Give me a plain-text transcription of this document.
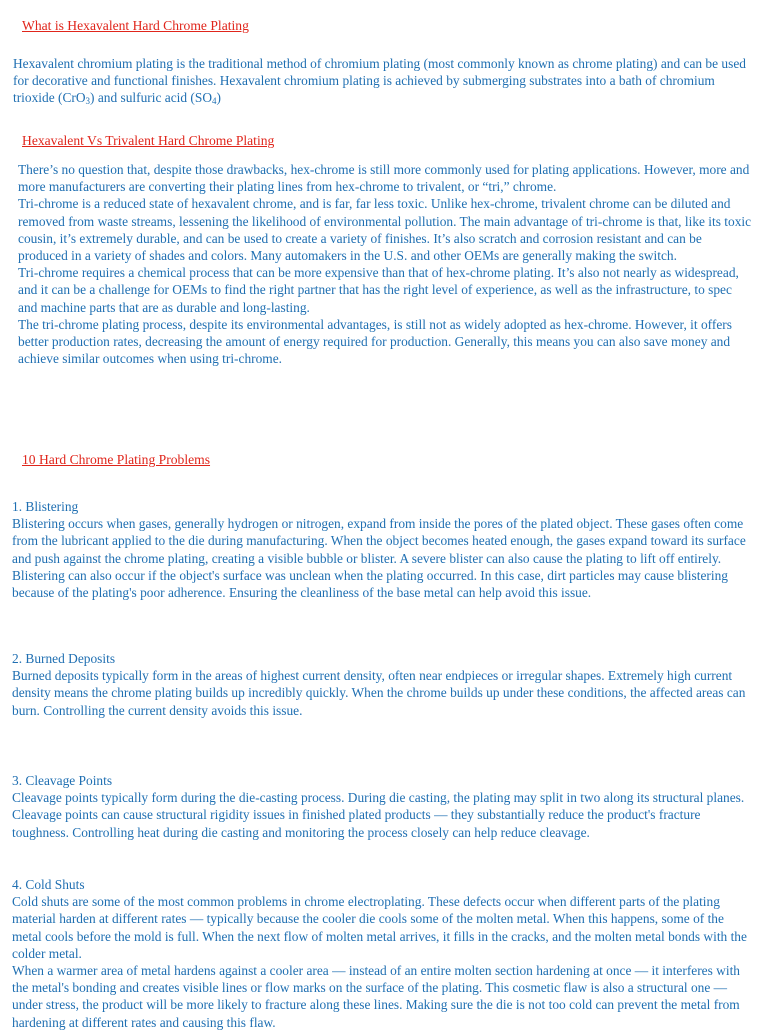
What is Hexavalent Hard Chrome Plating

Hexavalent chromium plating is the traditional method of chromium plating (most commonly known as chrome plating) and can be used for decorative and functional finishes. Hexavalent chromium plating is achieved by submerging substrates into a bath of chromium trioxide (CrO$_3$) and sulfuric acid $(SO_4)$

Hexavalent Vs Trivalent Hard Chrome Plating

There’s no question that, despite those drawbacks, hex-chrome is still more commonly used for plating applications. However, more and more manufacturers are converting their plating lines from hex-chrome to trivalent, or “tri,” chrome.

Tri-chrome is a reduced state of hexavalent chrome, and is far, far less toxic. Unlike hex-chrome, trivalent chrome can be diluted and removed from waste streams, lessening the likelihood of environmental pollution. The main advantage of tri-chrome is that, like its toxic cousin, it’s extremely durable, and can be used to create a variety of finishes. It’s also scratch and corrosion resistant and can be produced in a variety of shades and colors. Many automakers in the U.S. and other OEMs are generally making the switch.

Tri-chrome requires a chemical process that can be more expensive than that of hex-chrome plating. It’s also not nearly as widespread, and it can be a challenge for OEMs to find the right partner that has the right level of experience, as well as the infrastructure, to spec and machine parts that are as durable and long-lasting.

The tri-chrome plating process, despite its environmental advantages, is still not as widely adopted as hex-chrome. However, it offers better production rates, decreasing the amount of energy required for production. Generally, this means you can also save money and achieve similar outcomes when using tri-chrome.

10 Hard Chrome Plating Problems

1. Blistering

Blistering occurs when gases, generally hydrogen or nitrogen, expand from inside the pores of the plated object. These gases often come from the lubricant applied to the die during manufacturing. When the object becomes heated enough, the gases expand toward its surface and push against the chrome plating, creating a visible bubble or blister. A severe blister can also cause the plating to lift off entirely.

Blistering can also occur if the object's surface was unclean when the plating occurred. In this case, dirt particles may cause blistering because of the plating's poor adherence. Ensuring the cleanliness of the base metal can help avoid this issue.

2. Burned Deposits

Burned deposits typically form in the areas of highest current density, often near endpieces or irregular shapes. Extremely high current density means the chrome plating builds up incredibly quickly. When the chrome builds up under these conditions, the affected areas can burn. Controlling the current density avoids this issue.

3. Cleavage Points

Cleavage points typically form during the die-casting process. During die casting, the plating may split in two along its structural planes. Cleavage points can cause structural rigidity issues in finished plated products — they substantially reduce the product's fracture toughness. Controlling heat during die casting and monitoring the process closely can help reduce cleavage.

4. Cold Shuts

Cold shuts are some of the most common problems in chrome electroplating. These defects occur when different parts of the plating material harden at different rates — typically because the cooler die cools some of the molten metal. When this happens, some of the metal cools before the mold is full. When the next flow of molten metal arrives, it fills in the cracks, and the molten metal bonds with the colder metal.

When a warmer area of metal hardens against a cooler area — instead of an entire molten section hardening at once — it interferes with the metal's bonding and creates visible lines or flow marks on the surface of the plating. This cosmetic flaw is also a structural one — under stress, the product will be more likely to fracture along these lines. Making sure the die is not too cold can prevent the metal from hardening at different rates and causing this flaw.
